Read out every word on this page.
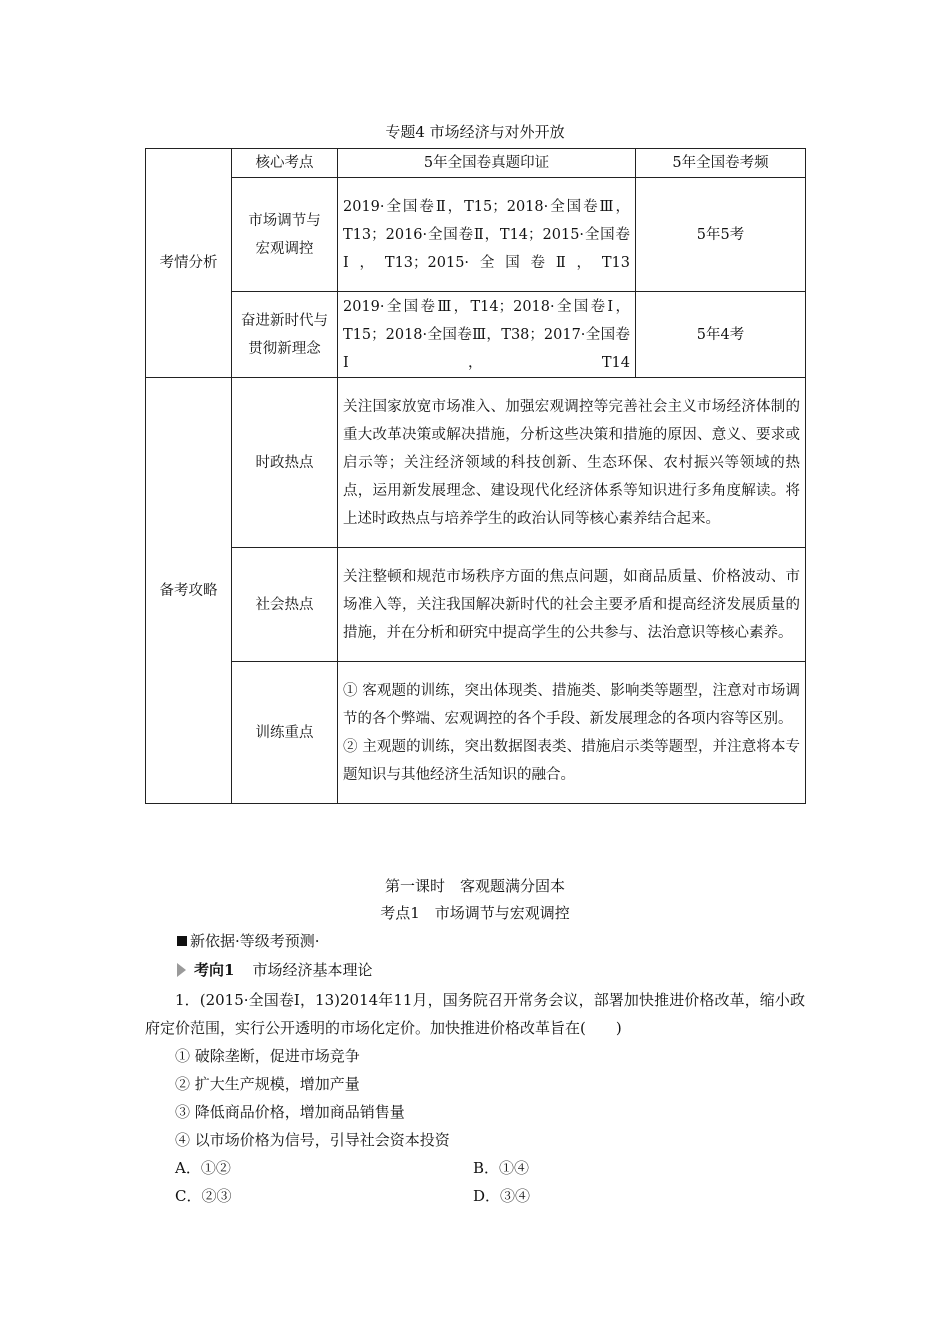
专题4 市场经济与对外开放
考情分析	核心考点	5年全国卷真题印证	5年全国卷考频
	市场调节与宏观调控	2019·全国卷Ⅱ，T15；2018·全国卷Ⅲ，T13；2016·全国卷Ⅱ，T14；2015·全国卷Ⅰ，T13；2015·全国卷Ⅱ，T13	5年5考
	奋进新时代与贯彻新理念	2019·全国卷Ⅲ，T14；2018·全国卷Ⅰ，T15；2018·全国卷Ⅲ，T38；2017·全国卷Ⅰ，T14	5年4考
备考攻略	时政热点	关注国家放宽市场准入、加强宏观调控等完善社会主义市场经济体制的重大改革决策或解决措施，分析这些决策和措施的原因、意义、要求或启示等；关注经济领域的科技创新、生态环保、农村振兴等领域的热点，运用新发展理念、建设现代化经济体系等知识进行多角度解读。将上述时政热点与培养学生的政治认同等核心素养结合起来。	
	社会热点	关注整顿和规范市场秩序方面的焦点问题，如商品质量、价格波动、市场准入等，关注我国解决新时代的社会主要矛盾和提高经济发展质量的措施，并在分析和研究中提高学生的公共参与、法治意识等核心素养。	
	训练重点	① 客观题的训练，突出体现类、措施类、影响类等题型，注意对市场调节的各个弊端、宏观调控的各个手段、新发展理念的各项内容等区别。
② 主观题的训练，突出数据图表类、措施启示类等题型，并注意将本专题知识与其他经济生活知识的融合。	
第一课时　客观题满分固本
考点1　市场调节与宏观调控
新依据·等级考预测·
考向1 市场经济基本理论
1．(2015·全国卷Ⅰ，13)2014年11月，国务院召开常务会议，部署加快推进价格改革，缩小政府定价范围，实行公开透明的市场化定价。加快推进价格改革旨在(　　)
① 破除垄断，促进市场竞争
② 扩大生产规模，增加产量
③ 降低商品价格，增加商品销售量
④ 以市场价格为信号，引导社会资本投资
A．①②	B．①④
C．②③	D．③④
